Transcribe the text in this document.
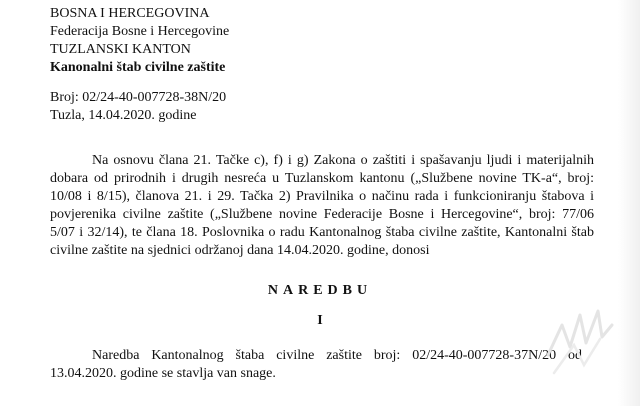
BOSNA I HERCEGOVINA
Federacija Bosne i Hercegovine
TUZLANSKI KANTON
Kanonalni štab civilne zaštite
Broj: 02/24-40-007728-38N/20
Tuzla, 14.04.2020. godine
Na osnovu člana 21. Tačke c), f) i g) Zakona o zaštiti i spašavanju ljudi i materijalnih
dobara od prirodnih i drugih nesreća u Tuzlanskom kantonu („Službene novine TK-a“, broj:
10/08 i 8/15), članova 21. i 29. Tačka 2) Pravilnika o načinu rada i funkcioniranju štabova i
povjerenika civilne zaštite („Službene novine Federacije Bosne i Hercegovine“, broj: 77/06
5/07 i 32/14), te člana 18. Poslovnika o radu Kantonalnog štaba civilne zaštite, Kantonalni štab
civilne zaštite na sjednici održanoj dana 14.04.2020. godine, donosi
NAREDBU
I
Naredba Kantonalnog štaba civilne zaštite broj: 02/24-40-007728-37N/20 od
13.04.2020. godine se stavlja van snage.
